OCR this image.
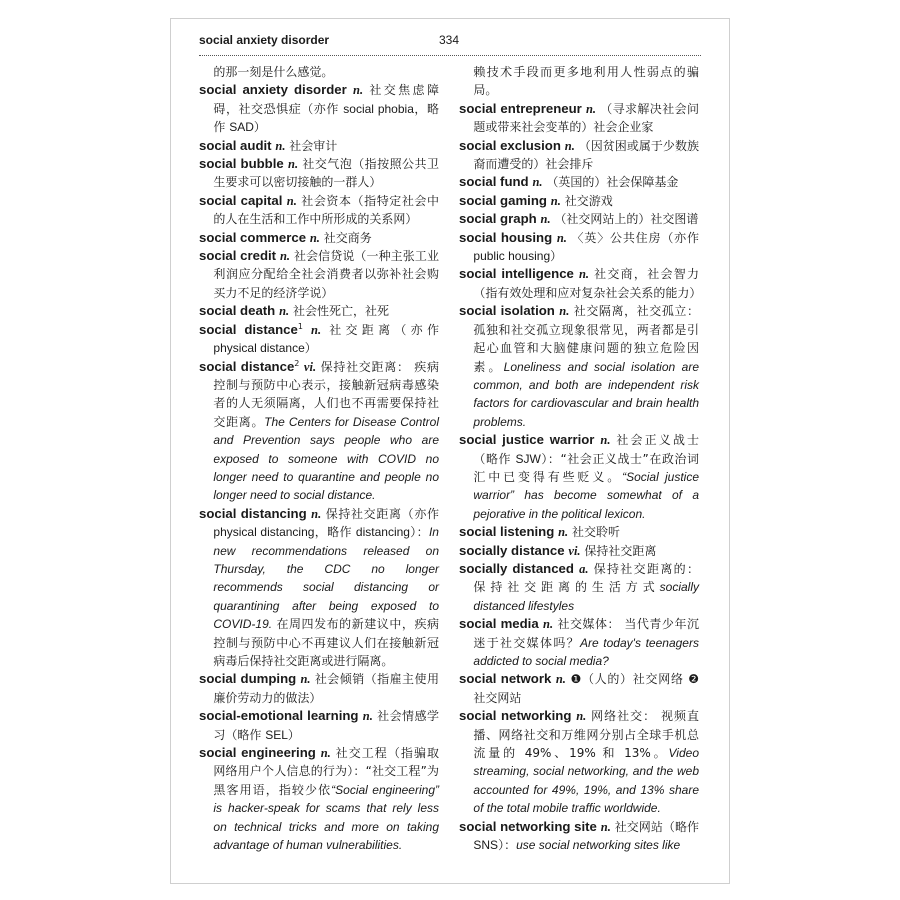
social anxiety disorder	334

的那一刻是什么感觉。

social anxiety disorder n. 社交焦虑障碍，社交恐惧症（亦作 social phobia，略作 SAD）

social audit n. 社会审计

social bubble n. 社交气泡（指按照公共卫生要求可以密切接触的一群人）

social capital n. 社会资本（指特定社会中的人在生活和工作中所形成的关系网）

social commerce n. 社交商务

social credit n. 社会信贷说（一种主张工业利润应分配给全社会消费者以弥补社会购买力不足的经济学说）

social death n. 社会性死亡，社死

social distance$^1$ n. 社交距离（亦作 physical distance）

social distance$^2$ vi. 保持社交距离： 疾病控制与预防中心表示，接触新冠病毒感染者的人无须隔离，人们也不再需要保持社交距离。The Centers for Disease Control and Prevention says people who are exposed to someone with COVID no longer need to quarantine and people no longer need to social distance.

social distancing n. 保持社交距离（亦作 physical distancing，略作 distancing）：In new recommendations released on Thursday, the CDC no longer recommends social distancing or quarantining after being exposed to COVID-19. 在周四发布的新建议中，疾病控制与预防中心不再建议人们在接触新冠病毒后保持社交距离或进行隔离。

social dumping n. 社会倾销（指雇主使用廉价劳动力的做法）

social-emotional learning n. 社会情感学习（略作 SEL）

social engineering n. 社交工程（指骗取网络用户个人信息的行为）：“社交工程”为黑客用语，指较少依“Social engineering” is hacker-speak for scams that rely less on technical tricks and more on taking advantage of human vulnerabilities.

赖技术手段而更多地利用人性弱点的骗局。

social entrepreneur n. （寻求解决社会问题或带来社会变革的）社会企业家

social exclusion n. （因贫困或属于少数族裔而遭受的）社会排斥

social fund n. （英国的）社会保障基金

social gaming n. 社交游戏

social graph n. （社交网站上的）社交图谱

social housing n. 〈英〉公共住房（亦作 public housing）

social intelligence n. 社交商，社会智力（指有效处理和应对复杂社会关系的能力）

social isolation n. 社交隔离，社交孤立： 孤独和社交孤立现象很常见，两者都是引起心血管和大脑健康问题的独立危险因素。Loneliness and social isolation are common, and both are independent risk factors for cardiovascular and brain health problems.

social justice warrior n. 社会正义战士（略作 SJW）：“社会正义战士”在政治词汇中已变得有些贬义。“Social justice warrior” has become somewhat of a pejorative in the political lexicon.

social listening n. 社交聆听

socially distance vi. 保持社交距离

socially distanced a. 保持社交距离的： 保持社交距离的生活方式socially distanced lifestyles

social media n. 社交媒体： 当代青少年沉迷于社交媒体吗？Are today's teenagers addicted to social media?

social network n. ❶（人的）社交网络 ❷ 社交网站

social networking n. 网络社交： 视频直播、网络社交和万维网分别占全球手机总流量的 49%、19% 和 13%。Video streaming, social networking, and the web accounted for 49%, 19%, and 13% share of the total mobile traffic worldwide.

social networking site n. 社交网站（略作 SNS）：use social networking sites like
